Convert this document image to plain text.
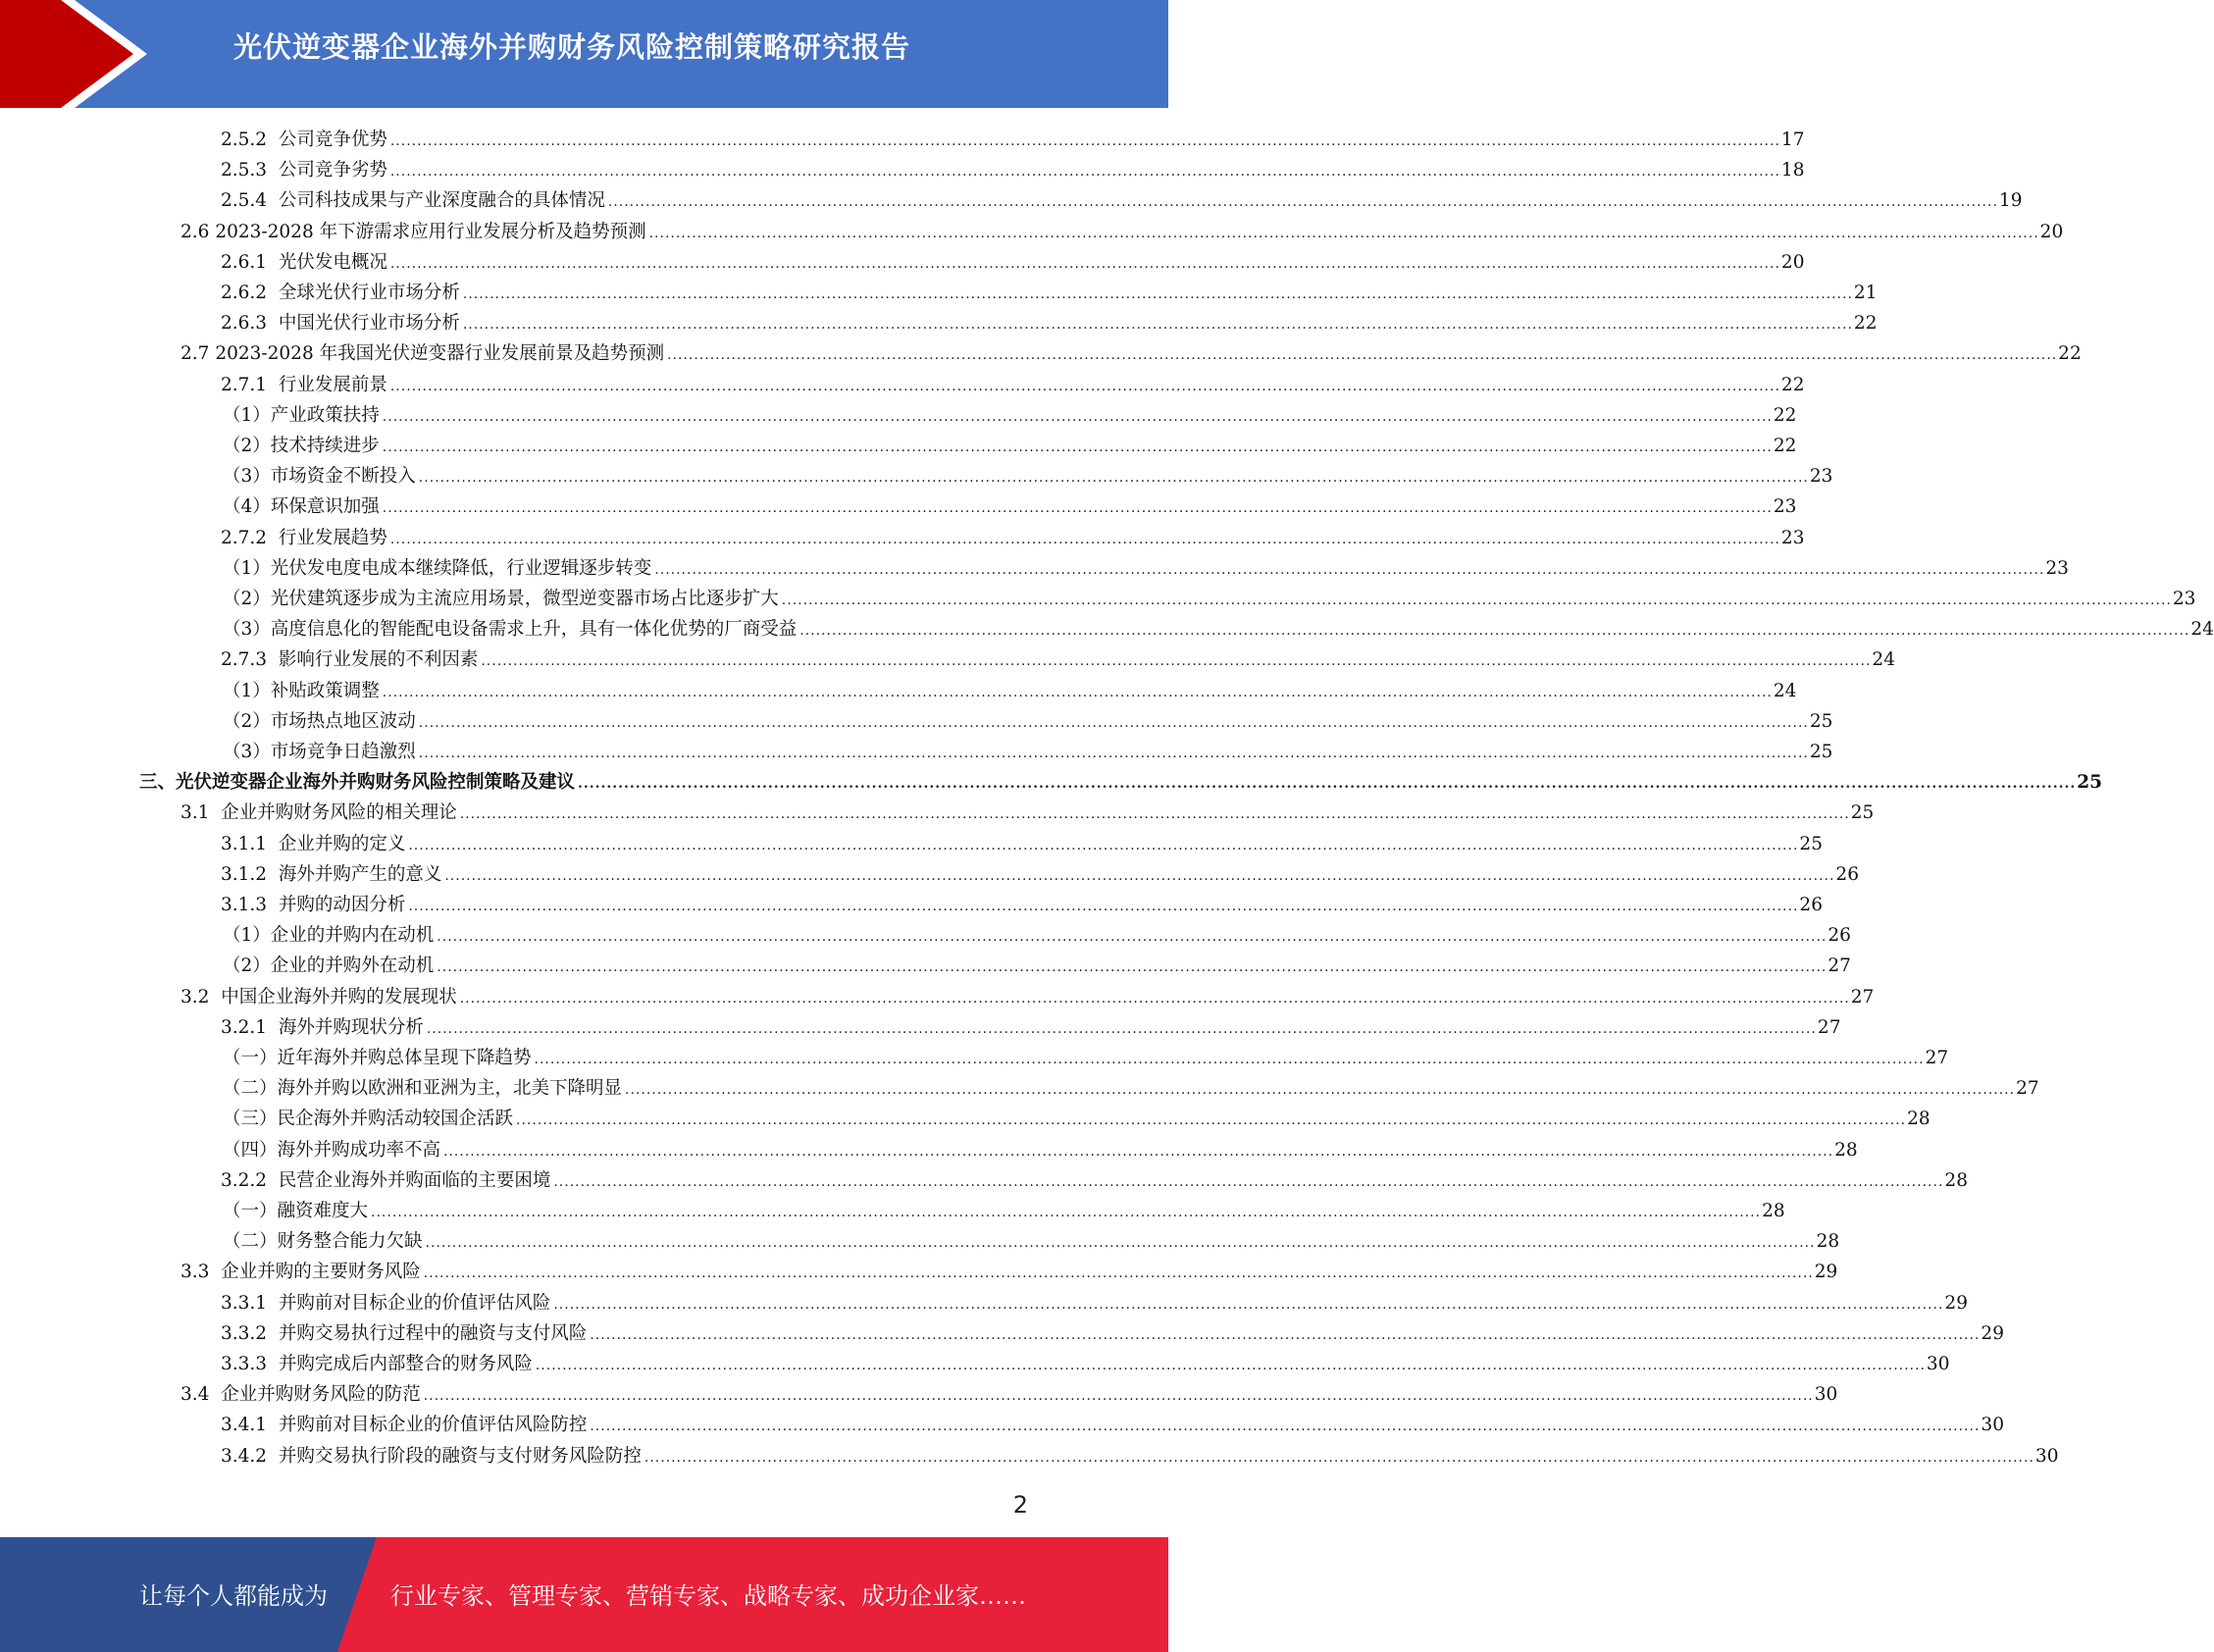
光伏逆变器企业海外并购财务风险控制策略研究报告
2.5.2 公司竞争优势 .................................................................................................................................................................................................................................................................... 17
2.5.3 公司竞争劣势 .................................................................................................................................................................................................................................................................... 18
2.5.4 公司科技成果与产业深度融合的具体情况 .................................................................................................................................................................................................................................................................... 19
2.6 2023-2028 年下游需求应用行业发展分析及趋势预测 .................................................................................................................................................................................................................................................................... 20
2.6.1 光伏发电概况 .................................................................................................................................................................................................................................................................... 20
2.6.2 全球光伏行业市场分析 .................................................................................................................................................................................................................................................................... 21
2.6.3 中国光伏行业市场分析 .................................................................................................................................................................................................................................................................... 22
2.7 2023-2028 年我国光伏逆变器行业发展前景及趋势预测 .................................................................................................................................................................................................................................................................... 22
2.7.1 行业发展前景 .................................................................................................................................................................................................................................................................... 22
（1） 产业政策扶持 .................................................................................................................................................................................................................................................................... 22
（2） 技术持续进步 .................................................................................................................................................................................................................................................................... 22
（3） 市场资金不断投入 .................................................................................................................................................................................................................................................................... 23
（4） 环保意识加强 .................................................................................................................................................................................................................................................................... 23
2.7.2 行业发展趋势 .................................................................................................................................................................................................................................................................... 23
（1） 光伏发电度电成本继续降低，行业逻辑逐步转变 .................................................................................................................................................................................................................................................................... 23
（2） 光伏建筑逐步成为主流应用场景，微型逆变器市场占比逐步扩大 .................................................................................................................................................................................................................................................................... 23
（3） 高度信息化的智能配电设备需求上升，具有一体化优势的厂商受益 .................................................................................................................................................................................................................................................................... 24
2.7.3 影响行业发展的不利因素 .................................................................................................................................................................................................................................................................... 24
（1） 补贴政策调整 .................................................................................................................................................................................................................................................................... 24
（2） 市场热点地区波动 .................................................................................................................................................................................................................................................................... 25
（3） 市场竞争日趋激烈 .................................................................................................................................................................................................................................................................... 25
三、 光伏逆变器企业海外并购财务风险控制策略及建议 .................................................................................................................................................................................................................................................................... 25
3.1 企业并购财务风险的相关理论 .................................................................................................................................................................................................................................................................... 25
3.1.1 企业并购的定义 .................................................................................................................................................................................................................................................................... 25
3.1.2 海外并购产生的意义 .................................................................................................................................................................................................................................................................... 26
3.1.3 并购的动因分析 .................................................................................................................................................................................................................................................................... 26
（1） 企业的并购内在动机 .................................................................................................................................................................................................................................................................... 26
（2） 企业的并购外在动机 .................................................................................................................................................................................................................................................................... 27
3.2 中国企业海外并购的发展现状 .................................................................................................................................................................................................................................................................... 27
3.2.1 海外并购现状分析 .................................................................................................................................................................................................................................................................... 27
（一） 近年海外并购总体呈现下降趋势 .................................................................................................................................................................................................................................................................... 27
（二） 海外并购以欧洲和亚洲为主，北美下降明显 .................................................................................................................................................................................................................................................................... 27
（三） 民企海外并购活动较国企活跃 .................................................................................................................................................................................................................................................................... 28
（四） 海外并购成功率不高 .................................................................................................................................................................................................................................................................... 28
3.2.2 民营企业海外并购面临的主要困境 .................................................................................................................................................................................................................................................................... 28
（一） 融资难度大 .................................................................................................................................................................................................................................................................... 28
（二） 财务整合能力欠缺 .................................................................................................................................................................................................................................................................... 28
3.3 企业并购的主要财务风险 .................................................................................................................................................................................................................................................................... 29
3.3.1 并购前对目标企业的价值评估风险 .................................................................................................................................................................................................................................................................... 29
3.3.2 并购交易执行过程中的融资与支付风险 .................................................................................................................................................................................................................................................................... 29
3.3.3 并购完成后内部整合的财务风险 .................................................................................................................................................................................................................................................................... 30
3.4 企业并购财务风险的防范 .................................................................................................................................................................................................................................................................... 30
3.4.1 并购前对目标企业的价值评估风险防控 .................................................................................................................................................................................................................................................................... 30
3.4.2 并购交易执行阶段的融资与支付财务风险防控 .................................................................................................................................................................................................................................................................... 30
2
让每个人都能成为	行业专家、管理专家、营销专家、战略专家、成功企业家……
